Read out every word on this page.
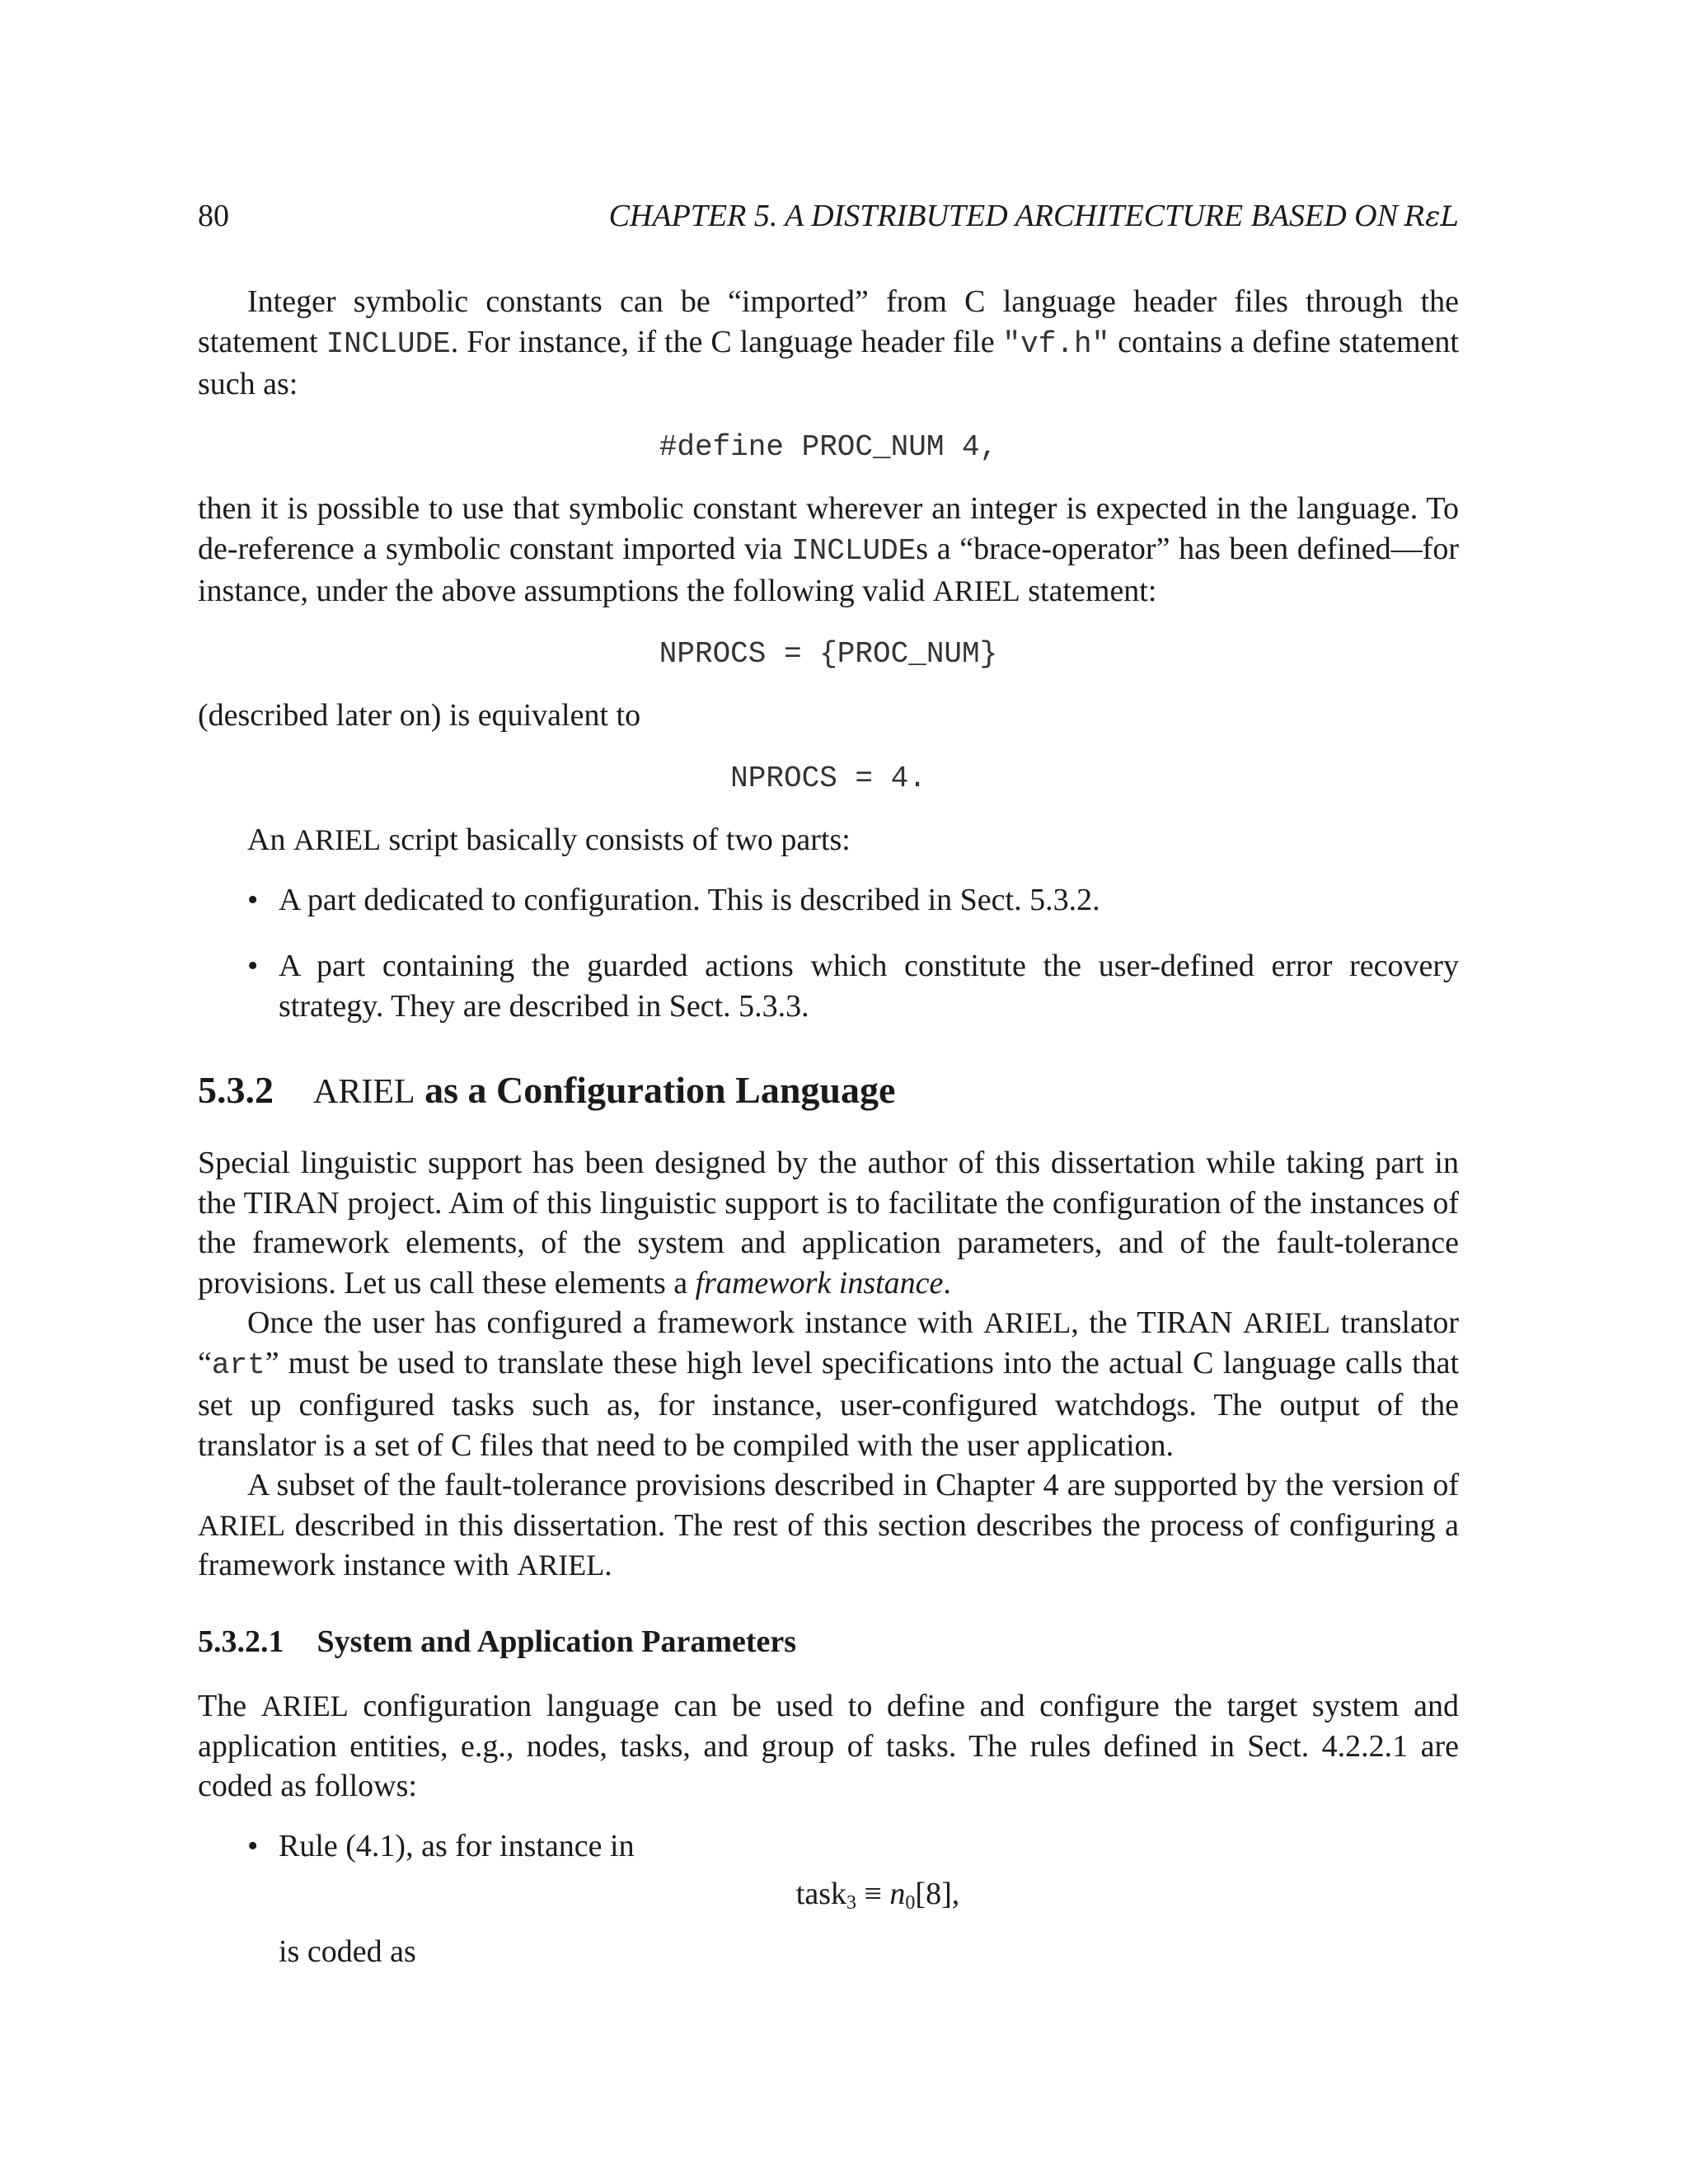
80	CHAPTER 5. A DISTRIBUTED ARCHITECTURE BASED ON  RεL

Integer symbolic constants can be “imported” from C language header files through the statement INCLUDE. For instance, if the C language header file "vf.h" contains a define statement such as:

#define PROC_NUM 4,

then it is possible to use that symbolic constant wherever an integer is expected in the language. To de-reference a symbolic constant imported via INCLUDEs a “brace-operator” has been defined—for instance, under the above assumptions the following valid ARIEL statement:

NPROCS = {PROC_NUM}

(described later on) is equivalent to

NPROCS = 4.

An ARIEL script basically consists of two parts:

• A part dedicated to configuration. This is described in Sect. 5.3.2.
• A part containing the guarded actions which constitute the user-defined error recovery strategy. They are described in Sect. 5.3.3.
5.3.2 ARIEL as a Configuration Language

Special linguistic support has been designed by the author of this dissertation while taking part in the TIRAN project. Aim of this linguistic support is to facilitate the configuration of the instances of the framework elements, of the system and application parameters, and of the fault-tolerance provisions. Let us call these elements a framework instance.

Once the user has configured a framework instance with ARIEL, the TIRAN ARIEL translator “art” must be used to translate these high level specifications into the actual C language calls that set up configured tasks such as, for instance, user-configured watchdogs. The output of the translator is a set of C files that need to be compiled with the user application.

A subset of the fault-tolerance provisions described in Chapter 4 are supported by the version of ARIEL described in this dissertation. The rest of this section describes the process of configuring a framework instance with ARIEL.

5.3.2.1 System and Application Parameters

The ARIEL configuration language can be used to define and configure the target system and application entities, e.g., nodes, tasks, and group of tasks. The rules defined in Sect. 4.2.2.1 are coded as follows:

• Rule (4.1), as for instance in
task$_3$ ≡ $n_0[8]$,
is coded as
